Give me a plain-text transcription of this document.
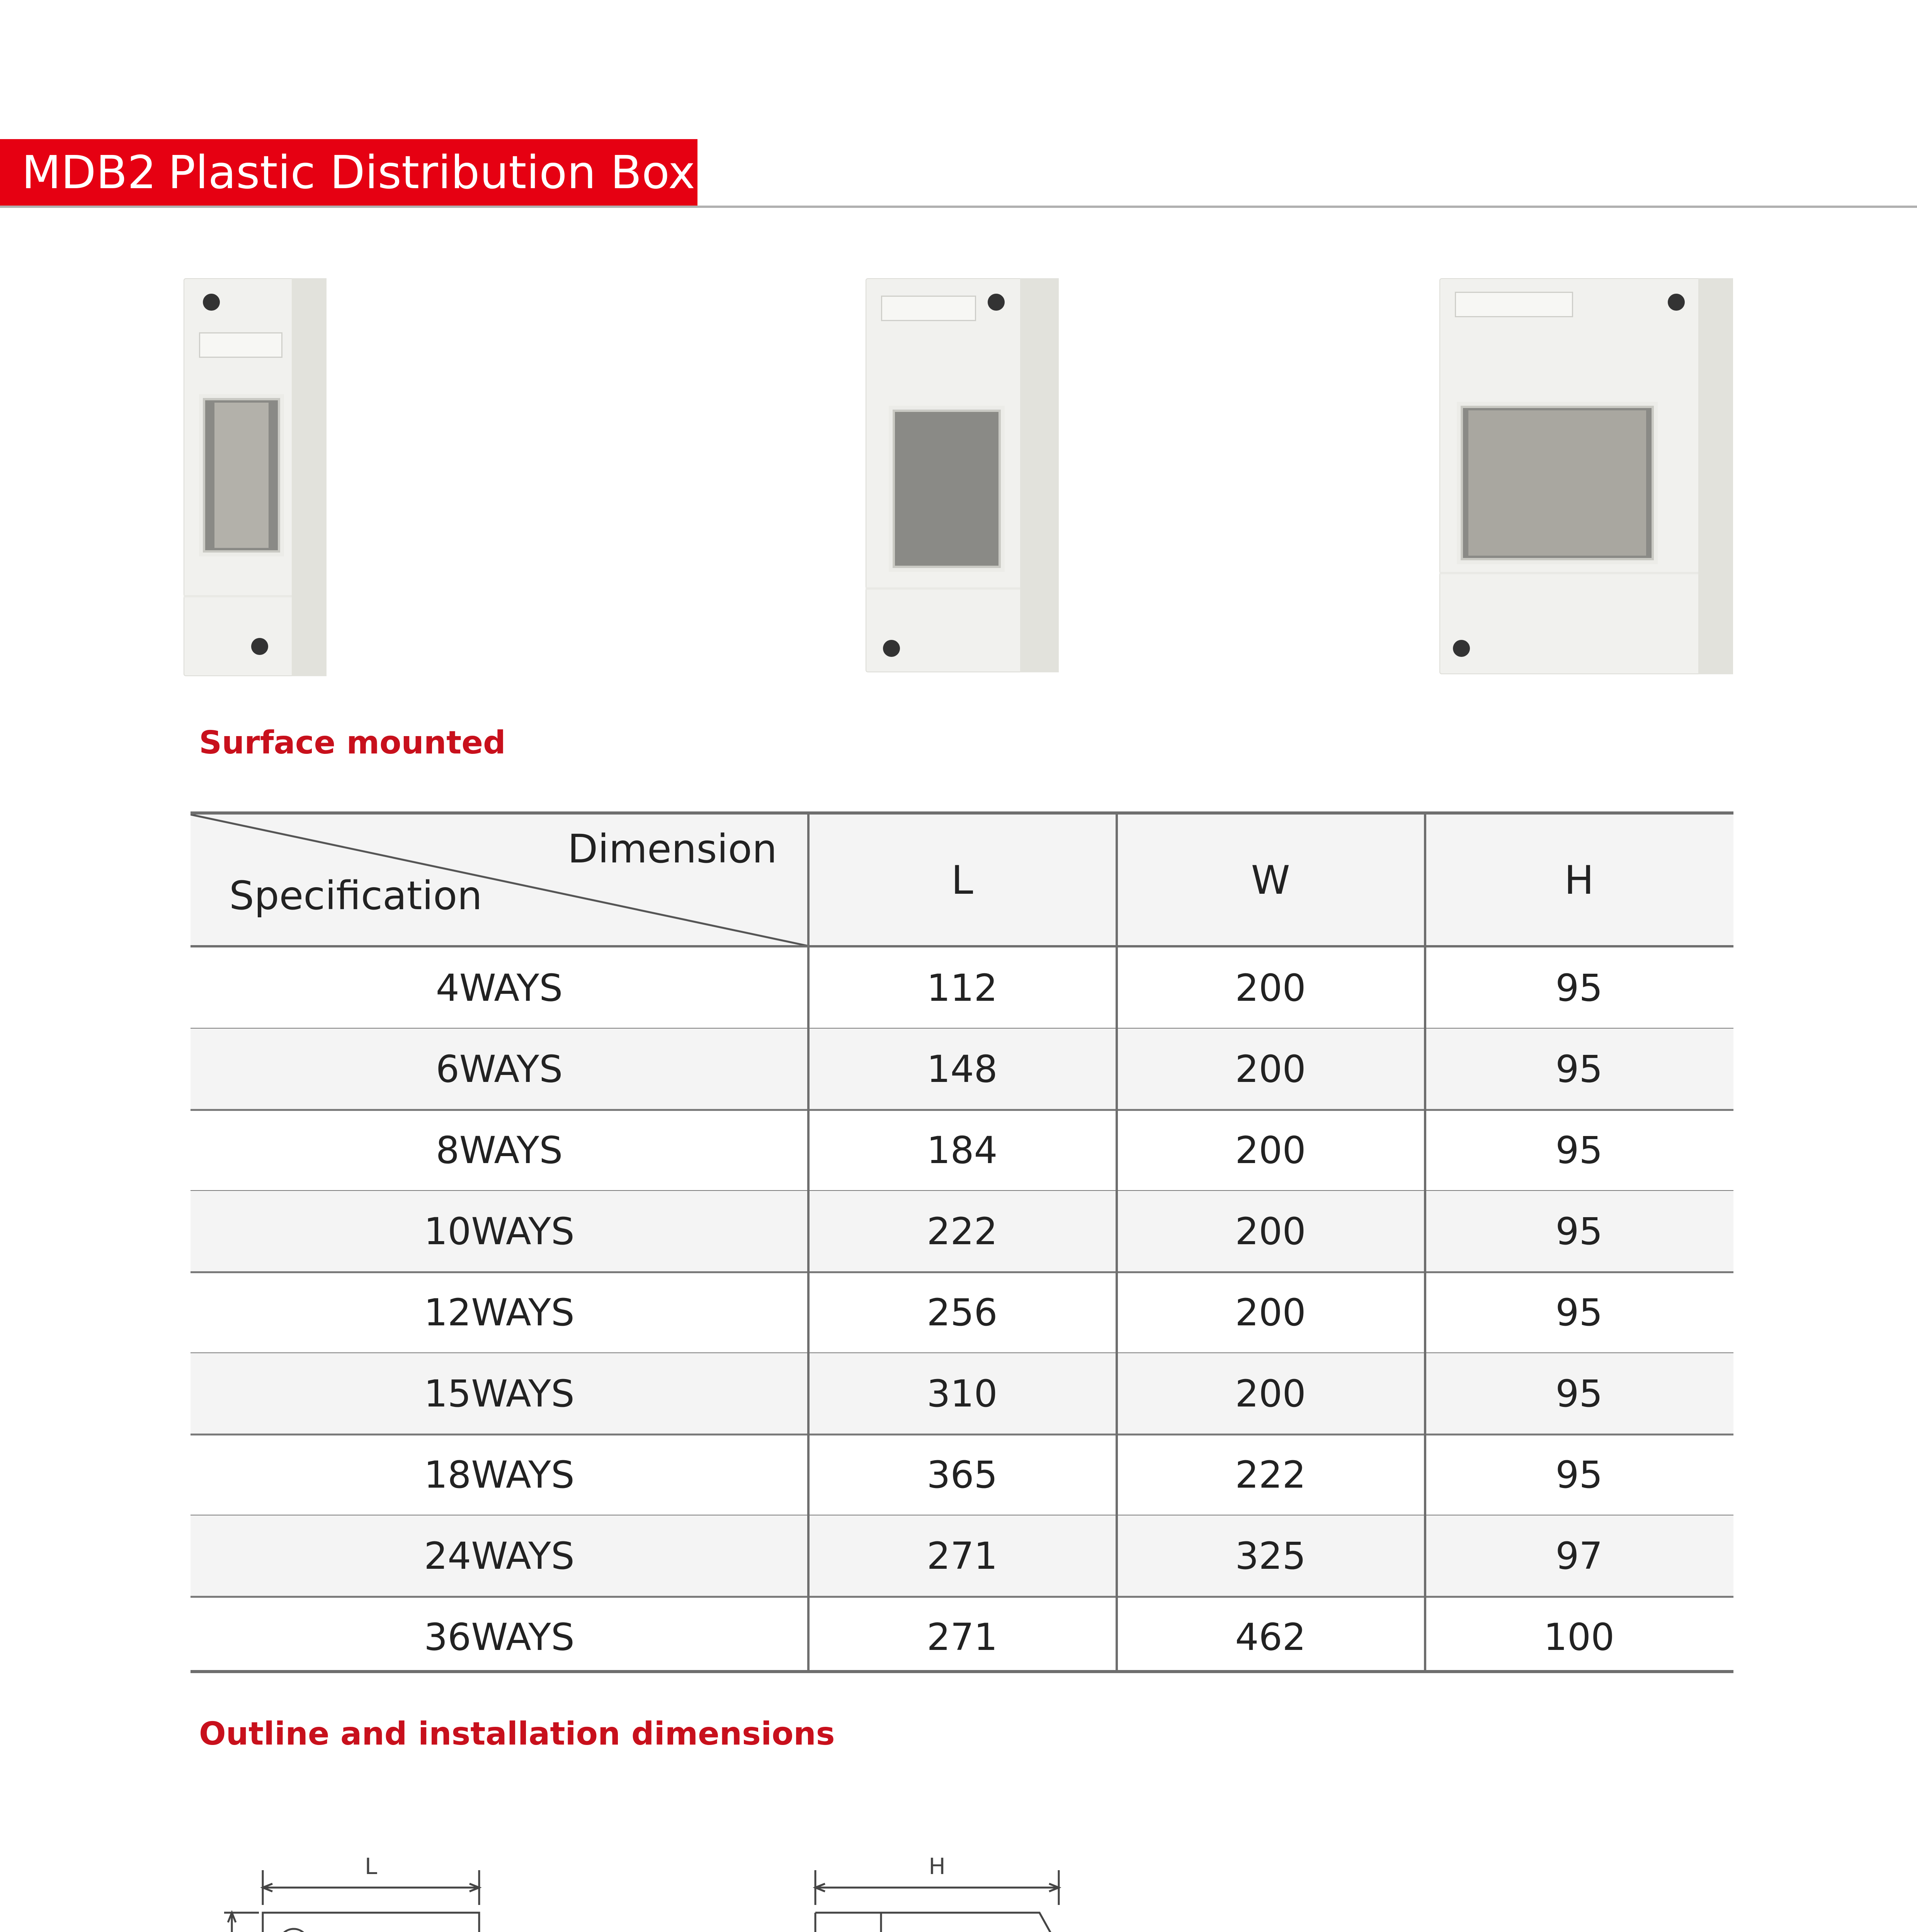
MDB2 Plastic Distribution Box
Surface mounted
Dimension
Specification	L	W	H
4WAYS	112	200	95
6WAYS	148	200	95
8WAYS	184	200	95
10WAYS	222	200	95
12WAYS	256	200	95
15WAYS	310	200	95
18WAYS	365	222	95
24WAYS	271	325	97
36WAYS	271	462	100
Outline and installation dimensions
L	H
